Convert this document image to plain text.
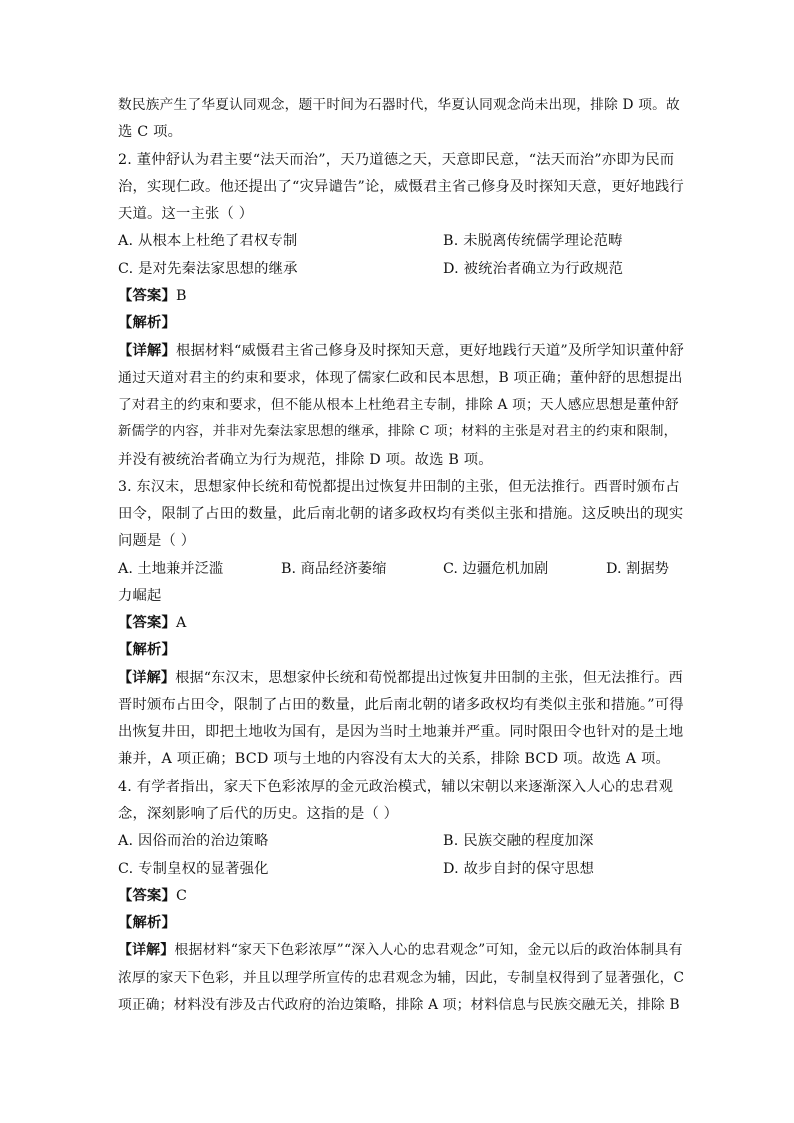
数民族产生了华夏认同观念，题干时间为石器时代，华夏认同观念尚未出现，排除 D 项。故
选 C 项。
2. 董仲舒认为君主要“法天而治”，天乃道德之天，天意即民意，“法天而治”亦即为民而
治，实现仁政。他还提出了“灾异谴告”论，威慑君主省己修身及时探知天意，更好地践行
天道。这一主张（ ）
A. 从根本上杜绝了君权专制	B. 未脱离传统儒学理论范畴
C. 是对先秦法家思想的继承	D. 被统治者确立为行政规范
【答案】B
【解析】
【详解】根据材料“威慑君主省己修身及时探知天意，更好地践行天道”及所学知识董仲舒
通过天道对君主的约束和要求，体现了儒家仁政和民本思想，B 项正确；董仲舒的思想提出
了对君主的约束和要求，但不能从根本上杜绝君主专制，排除 A 项；天人感应思想是董仲舒
新儒学的内容，并非对先秦法家思想的继承，排除 C 项；材料的主张是对君主的约束和限制，
并没有被统治者确立为行为规范，排除 D 项。故选 B 项。
3. 东汉末，思想家仲长统和荀悦都提出过恢复井田制的主张，但无法推行。西晋时颁布占
田令，限制了占田的数量，此后南北朝的诸多政权均有类似主张和措施。这反映出的现实
问题是（ ）
A. 土地兼并泛滥	B. 商品经济萎缩	C. 边疆危机加剧	D. 割据势
力崛起
【答案】A
【解析】
【详解】根据“东汉末，思想家仲长统和荀悦都提出过恢复井田制的主张，但无法推行。西
晋时颁布占田令，限制了占田的数量，此后南北朝的诸多政权均有类似主张和措施。”可得
出恢复井田，即把土地收为国有，是因为当时土地兼并严重。同时限田令也针对的是土地
兼并，A 项正确；BCD 项与土地的内容没有太大的关系，排除 BCD 项。故选 A 项。
4. 有学者指出，家天下色彩浓厚的金元政治模式，辅以宋朝以来逐渐深入人心的忠君观
念，深刻影响了后代的历史。这指的是（ ）
A. 因俗而治的治边策略	B. 民族交融的程度加深
C. 专制皇权的显著强化	D. 故步自封的保守思想
【答案】C
【解析】
【详解】根据材料“家天下色彩浓厚”“深入人心的忠君观念”可知，金元以后的政治体制具有
浓厚的家天下色彩，并且以理学所宣传的忠君观念为辅，因此，专制皇权得到了显著强化，C
项正确；材料没有涉及古代政府的治边策略，排除 A 项；材料信息与民族交融无关，排除 B
